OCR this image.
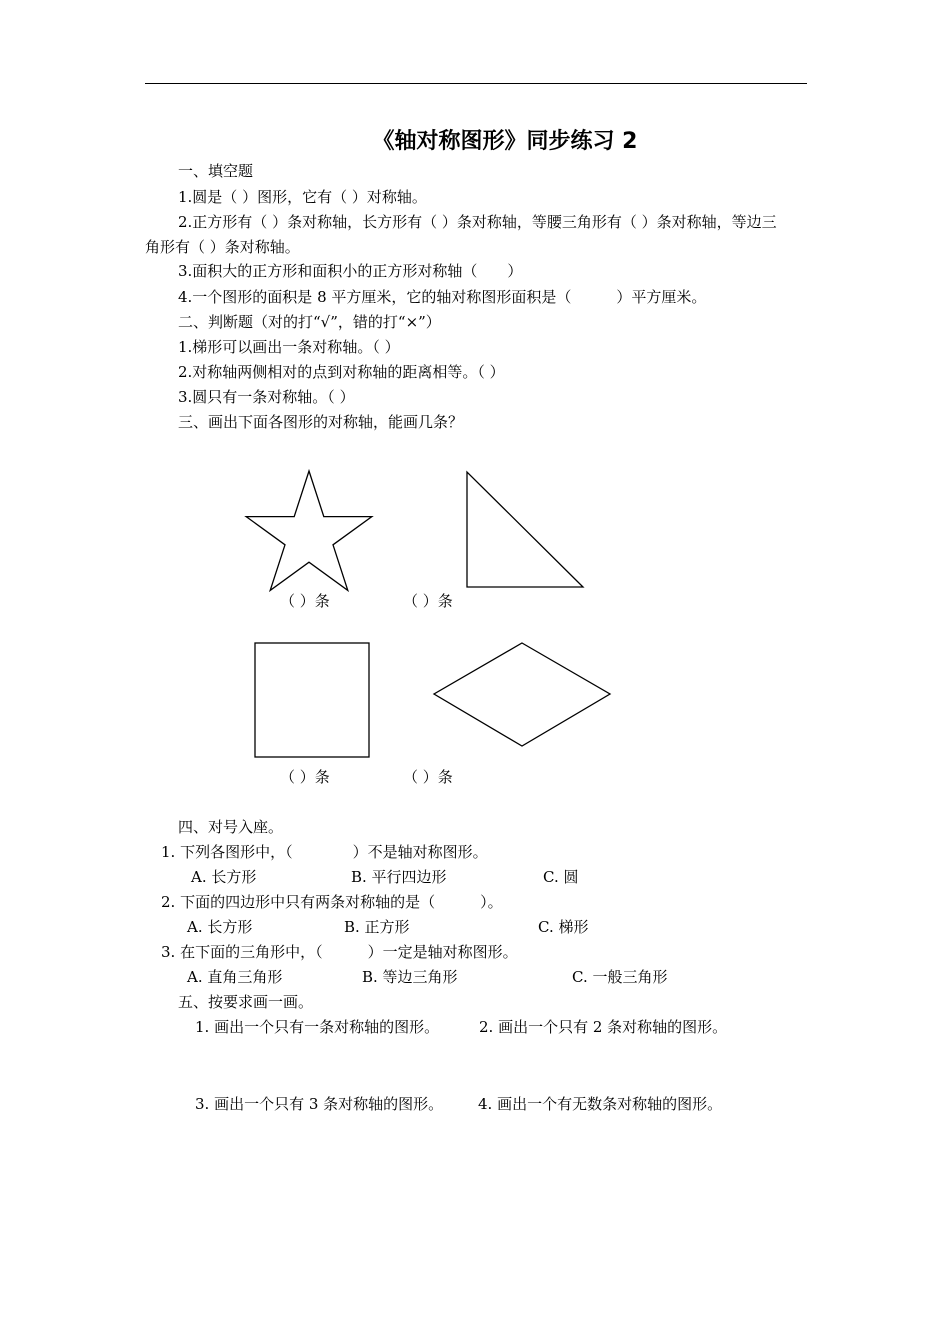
《轴对称图形》同步练习 2
一、填空题
1.圆是（ ）图形，它有（ ）对称轴。
2.正方形有（ ）条对称轴，长方形有（ ）条对称轴，等腰三角形有（ ）条对称轴，等边三
角形有（ ）条对称轴。
3.面积大的正方形和面积小的正方形对称轴（　　）
4.一个图形的面积是 8 平方厘米，它的轴对称图形面积是（　　　）平方厘米。
二、判断题（对的打“√”，错的打“×”）
1.梯形可以画出一条对称轴。（ ）
2.对称轴两侧相对的点到对称轴的距离相等。（ ）
3.圆只有一条对称轴。（ ）
三、画出下面各图形的对称轴，能画几条？
（ ）条	（ ）条
（ ）条	（ ）条
四、对号入座。
1. 下列各图形中，（　　　　）不是轴对称图形。
A. 长方形	B. 平行四边形	C. 圆
2. 下面的四边形中只有两条对称轴的是（　　　）。
A. 长方形	B. 正方形	C. 梯形
3. 在下面的三角形中，（　　　）一定是轴对称图形。
A. 直角三角形	B. 等边三角形	C. 一般三角形
五、按要求画一画。
1. 画出一个只有一条对称轴的图形。	2. 画出一个只有 2 条对称轴的图形。
3. 画出一个只有 3 条对称轴的图形。 4. 画出一个有无数条对称轴的图形。
